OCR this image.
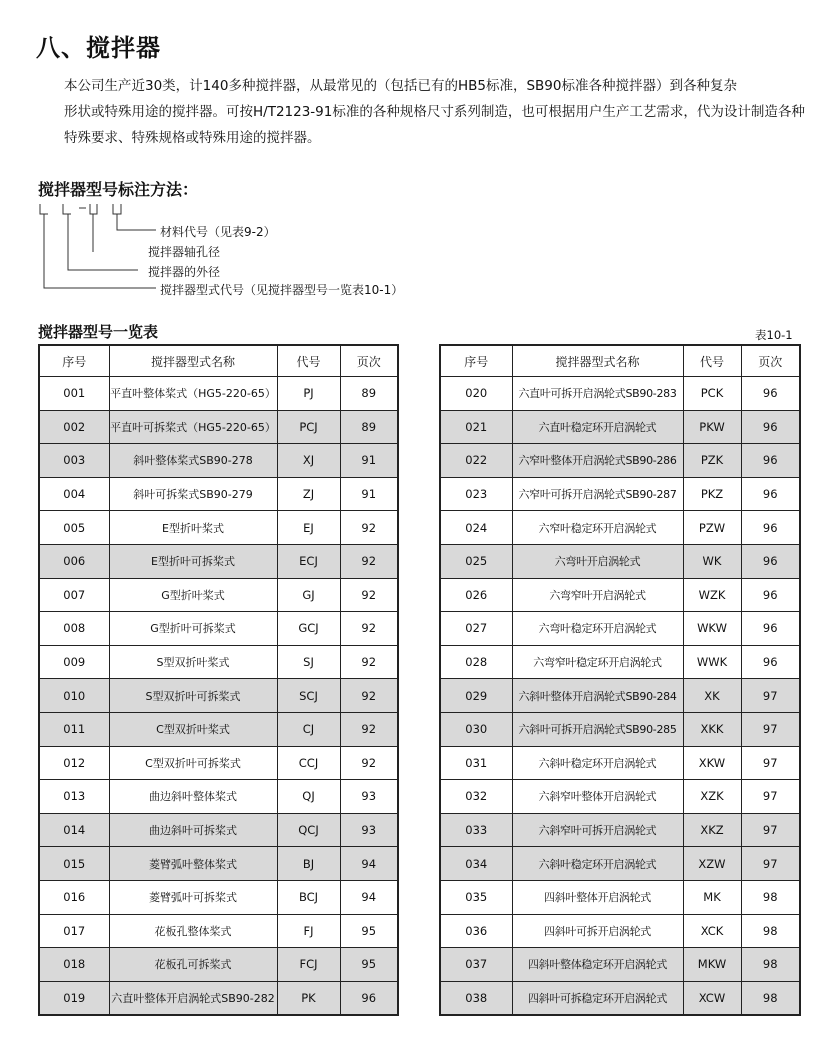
八、搅拌器

本公司生产近30类，计140多种搅拌器，从最常见的（包括已有的HB5标准，SB90标准各种搅拌器）到各种复杂
形状或特殊用途的搅拌器。可按H/T2123-91标准的各种规格尺寸系列制造，也可根据用户生产工艺需求，代为设计制造各种特殊要求、特殊规格或特殊用途的搅拌器。

搅拌器型号标注方法：
材料代号（见表9-2）
搅拌器轴孔径
搅拌器的外径
搅拌器型式代号（见搅拌器型号一览表10-1）
搅拌器型号一览表	表10-1
序号	搅拌器型式名称	代号	页次
001	平直叶整体桨式（HG5-220-65）	PJ	89
002	平直叶可拆桨式（HG5-220-65）	PCJ	89
003	斜叶整体桨式SB90-278	XJ	91
004	斜叶可拆桨式SB90-279	ZJ	91
005	E型折叶桨式	EJ	92
006	E型折叶可拆桨式	ECJ	92
007	G型折叶桨式	GJ	92
008	G型折叶可拆桨式	GCJ	92
009	S型双折叶桨式	SJ	92
010	S型双折叶可拆桨式	SCJ	92
011	C型双折叶桨式	CJ	92
012	C型双折叶可拆桨式	CCJ	92
013	曲边斜叶整体桨式	QJ	93
014	曲边斜叶可拆桨式	QCJ	93
015	菱臂弧叶整体桨式	BJ	94
016	菱臂弧叶可拆桨式	BCJ	94
017	花板孔整体桨式	FJ	95
018	花板孔可拆桨式	FCJ	95
019	六直叶整体开启涡轮式SB90-282	PK	96
序号	搅拌器型式名称	代号	页次
020	六直叶可拆开启涡轮式SB90-283	PCK	96
021	六直叶稳定环开启涡轮式	PKW	96
022	六窄叶整体开启涡轮式SB90-286	PZK	96
023	六窄叶可拆开启涡轮式SB90-287	PKZ	96
024	六窄叶稳定环开启涡轮式	PZW	96
025	六弯叶开启涡轮式	WK	96
026	六弯窄叶开启涡轮式	WZK	96
027	六弯叶稳定环开启涡轮式	WKW	96
028	六弯窄叶稳定环开启涡轮式	WWK	96
029	六斜叶整体开启涡轮式SB90-284	XK	97
030	六斜叶可拆开启涡轮式SB90-285	XKK	97
031	六斜叶稳定环开启涡轮式	XKW	97
032	六斜窄叶整体开启涡轮式	XZK	97
033	六斜窄叶可拆开启涡轮式	XKZ	97
034	六斜叶稳定环开启涡轮式	XZW	97
035	四斜叶整体开启涡轮式	MK	98
036	四斜叶可拆开启涡轮式	XCK	98
037	四斜叶整体稳定环开启涡轮式	MKW	98
038	四斜叶可拆稳定环开启涡轮式	XCW	98
